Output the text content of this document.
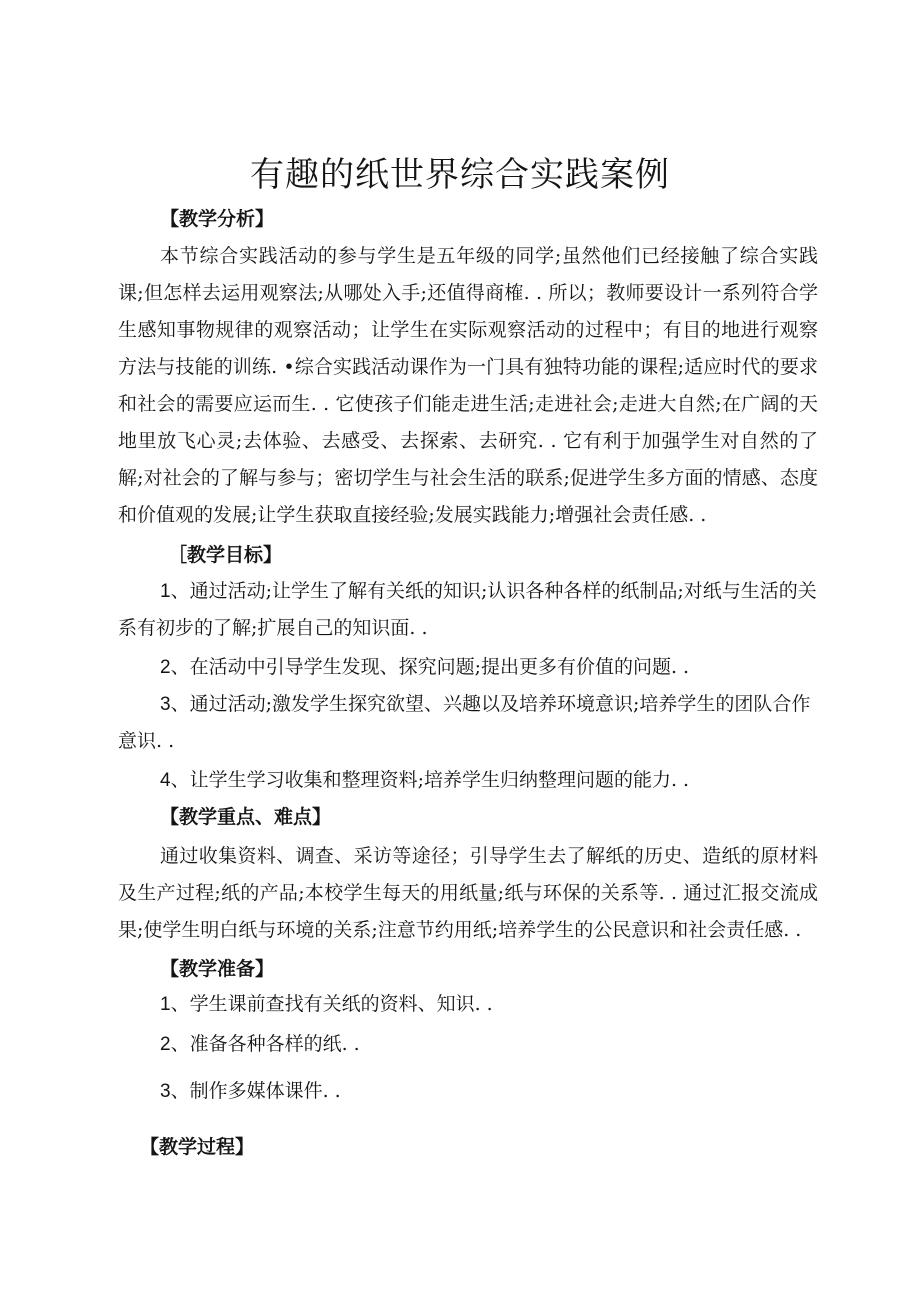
有趣的纸世界综合实践案例
【教学分析】

本节综合实践活动的参与学生是五年级的同学;虽然他们已经接触了综合实践课;但怎样去运用观察法;从哪处入手;还值得商榷. . 所以；教师要设计一系列符合学生感知事物规律的观察活动；让学生在实际观察活动的过程中；有目的地进行观察方法与技能的训练. •综合实践活动课作为一门具有独特功能的课程;适应时代的要求和社会的需要应运而生. . 它使孩子们能走进生活;走进社会;走进大自然;在广阔的天地里放飞心灵;去体验、去感受、去探索、去研究. . 它有利于加强学生对自然的了解;对社会的了解与参与；密切学生与社会生活的联系;促进学生多方面的情感、态度和价值观的发展;让学生获取直接经验;发展实践能力;增强社会责任感. .

［教学目标】

1、通过活动;让学生了解有关纸的知识;认识各种各样的纸制品;对纸与生活的关系有初步的了解;扩展自己的知识面. .

2、在活动中引导学生发现、探究问题;提出更多有价值的问题. .

3、通过活动;激发学生探究欲望、兴趣以及培养环境意识;培养学生的团队合作意识. .

4、让学生学习收集和整理资料;培养学生归纳整理问题的能力. .

【教学重点、难点】

通过收集资料、调查、采访等途径；引导学生去了解纸的历史、造纸的原材料及生产过程;纸的产品;本校学生每天的用纸量;纸与环保的关系等. . 通过汇报交流成果;使学生明白纸与环境的关系;注意节约用纸;培养学生的公民意识和社会责任感. .

【教学准备】

1、学生课前查找有关纸的资料、知识. .

2、准备各种各样的纸. .

3、制作多媒体课件. .

【教学过程】
